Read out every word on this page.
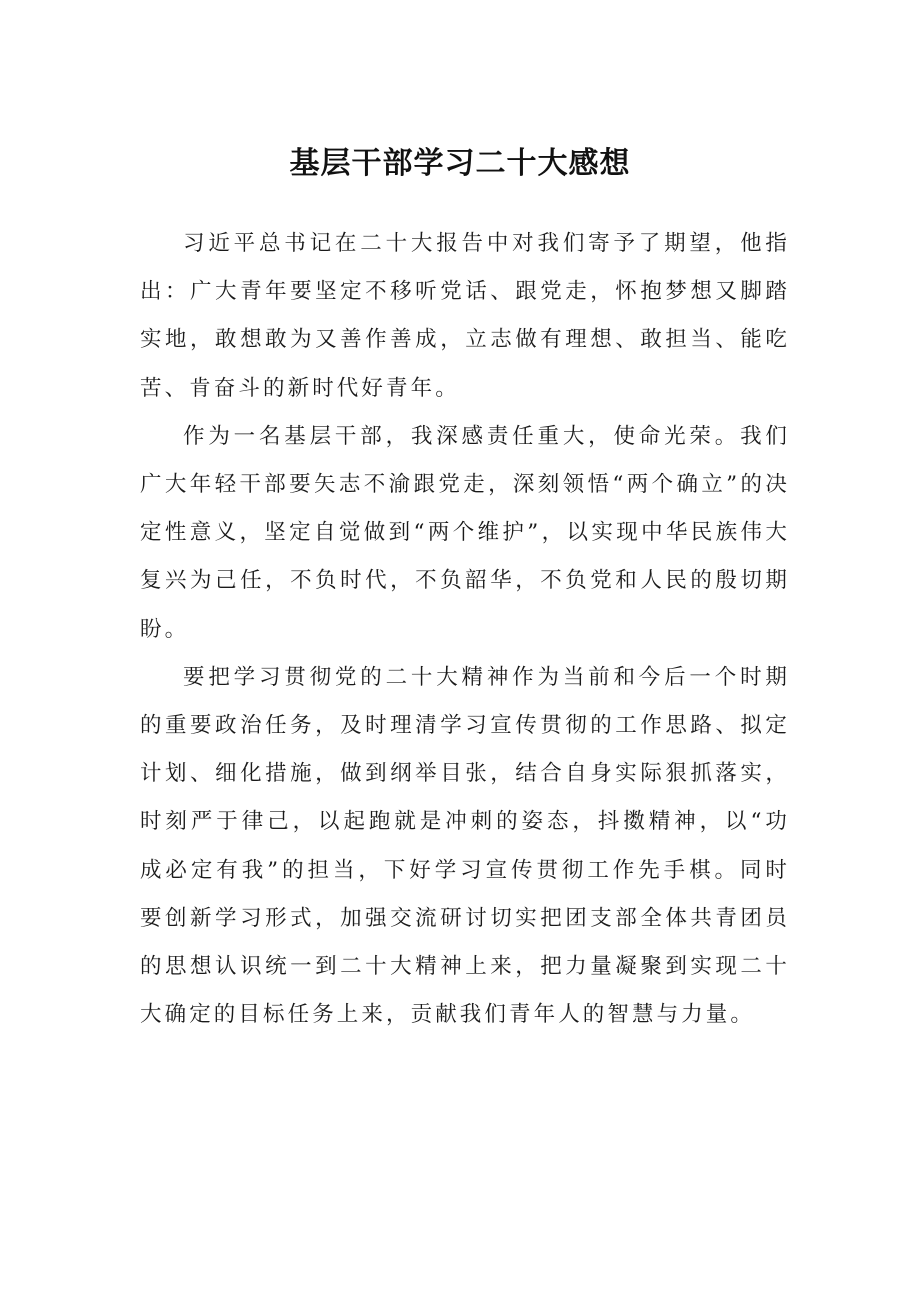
基层干部学习二十大感想

习近平总书记在二十大报告中对我们寄予了期望，他指出：广大青年要坚定不移听党话、跟党走，怀抱梦想又脚踏实地，敢想敢为又善作善成，立志做有理想、敢担当、能吃苦、肯奋斗的新时代好青年。

作为一名基层干部，我深感责任重大，使命光荣。我们广大年轻干部要矢志不渝跟党走，深刻领悟“两个确立”的决定性意义，坚定自觉做到“两个维护”，以实现中华民族伟大复兴为己任，不负时代，不负韶华，不负党和人民的殷切期盼。

要把学习贯彻党的二十大精神作为当前和今后一个时期的重要政治任务，及时理清学习宣传贯彻的工作思路、拟定计划、细化措施，做到纲举目张，结合自身实际狠抓落实，时刻严于律己，以起跑就是冲刺的姿态，抖擞精神，以“功成必定有我”的担当，下好学习宣传贯彻工作先手棋。同时要创新学习形式，加强交流研讨切实把团支部全体共青团员的思想认识统一到二十大精神上来，把力量凝聚到实现二十大确定的目标任务上来，贡献我们青年人的智慧与力量。
